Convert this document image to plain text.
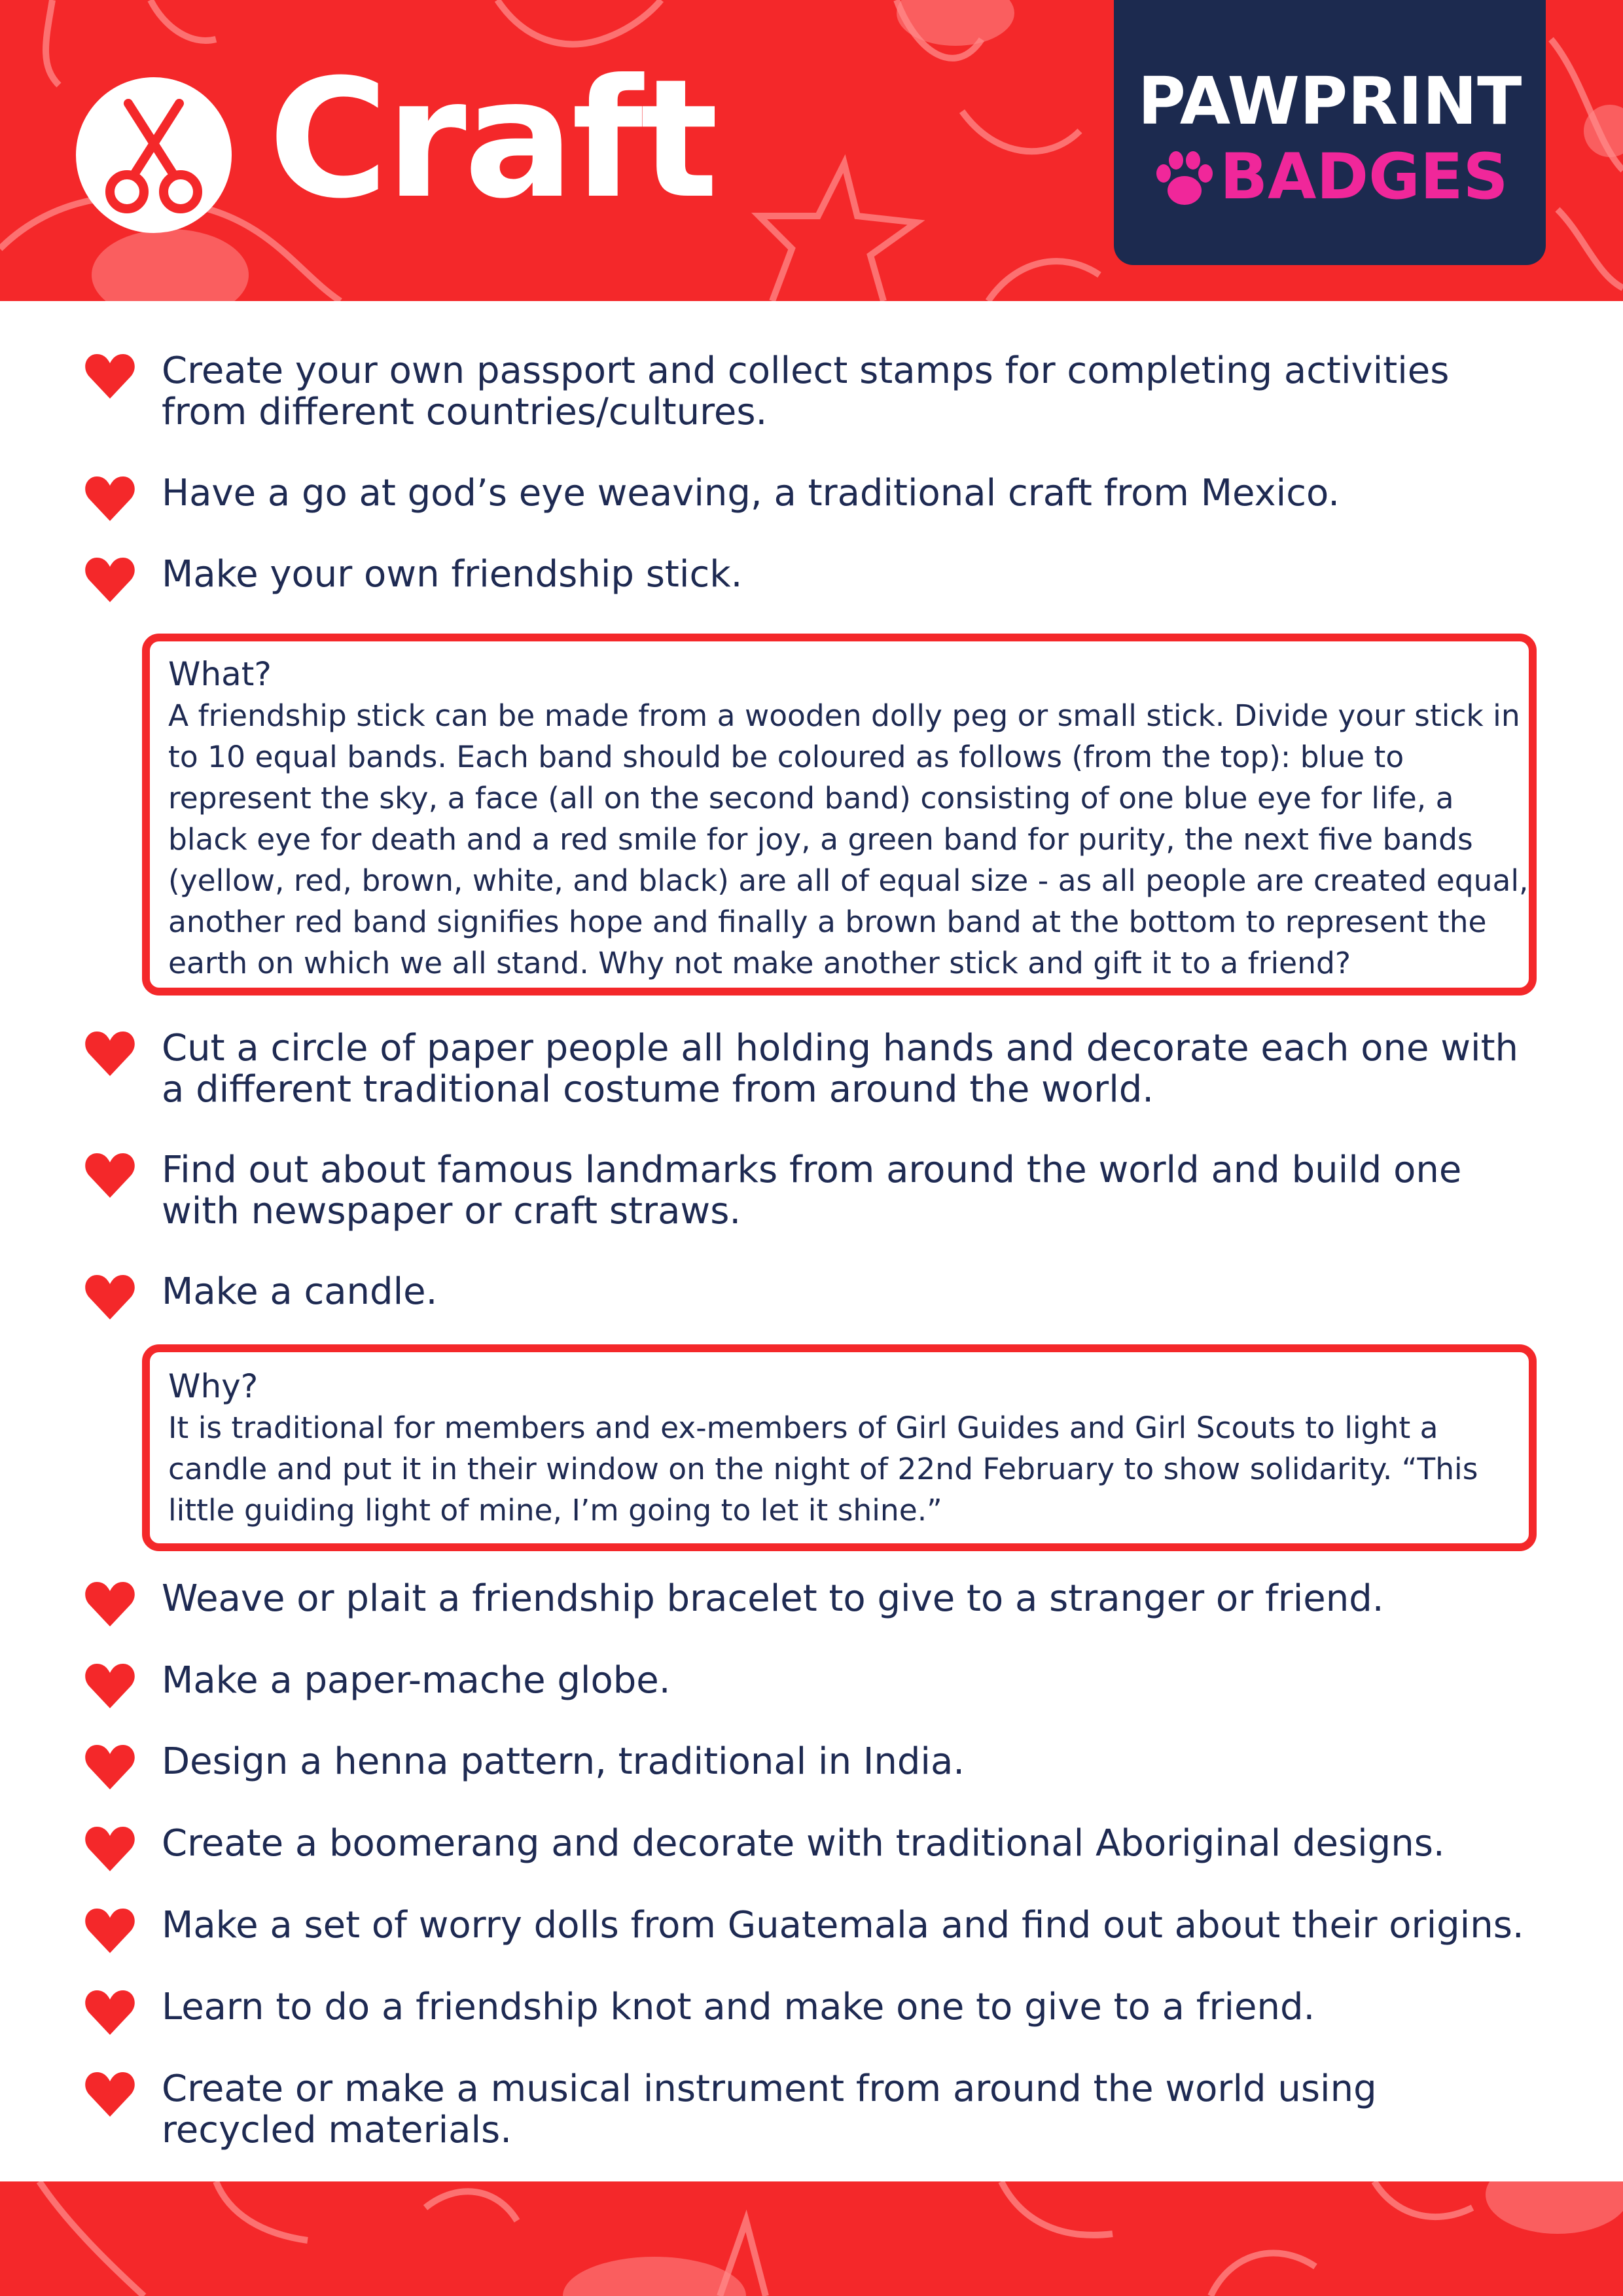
Craft	PAWPRINT
BADGES
Create your own passport and collect stamps for completing activities from different countries/cultures.
Have a go at god’s eye weaving, a traditional craft from Mexico.
Make your own friendship stick.
What?
A friendship stick can be made from a wooden dolly peg or small stick. Divide your stick in to 10 equal bands. Each band should be coloured as follows (from the top): blue to represent the sky, a face (all on the second band) consisting of one blue eye for life, a black eye for death and a red smile for joy, a green band for purity, the next five bands (yellow, red, brown, white, and black) are all of equal size - as all people are created equal, another red band signifies hope and finally a brown band at the bottom to represent the earth on which we all stand. Why not make another stick and gift it to a friend?
Cut a circle of paper people all holding hands and decorate each one with a different traditional costume from around the world.
Find out about famous landmarks from around the world and build one with newspaper or craft straws.
Make a candle.
Why?
It is traditional for members and ex-members of Girl Guides and Girl Scouts to light a candle and put it in their window on the night of 22nd February to show solidarity. “This little guiding light of mine, I’m going to let it shine.”
Weave or plait a friendship bracelet to give to a stranger or friend.
Make a paper-mache globe.
Design a henna pattern, traditional in India.
Create a boomerang and decorate with traditional Aboriginal designs.
Make a set of worry dolls from Guatemala and find out about their origins.
Learn to do a friendship knot and make one to give to a friend.
Create or make a musical instrument from around the world using recycled materials.
